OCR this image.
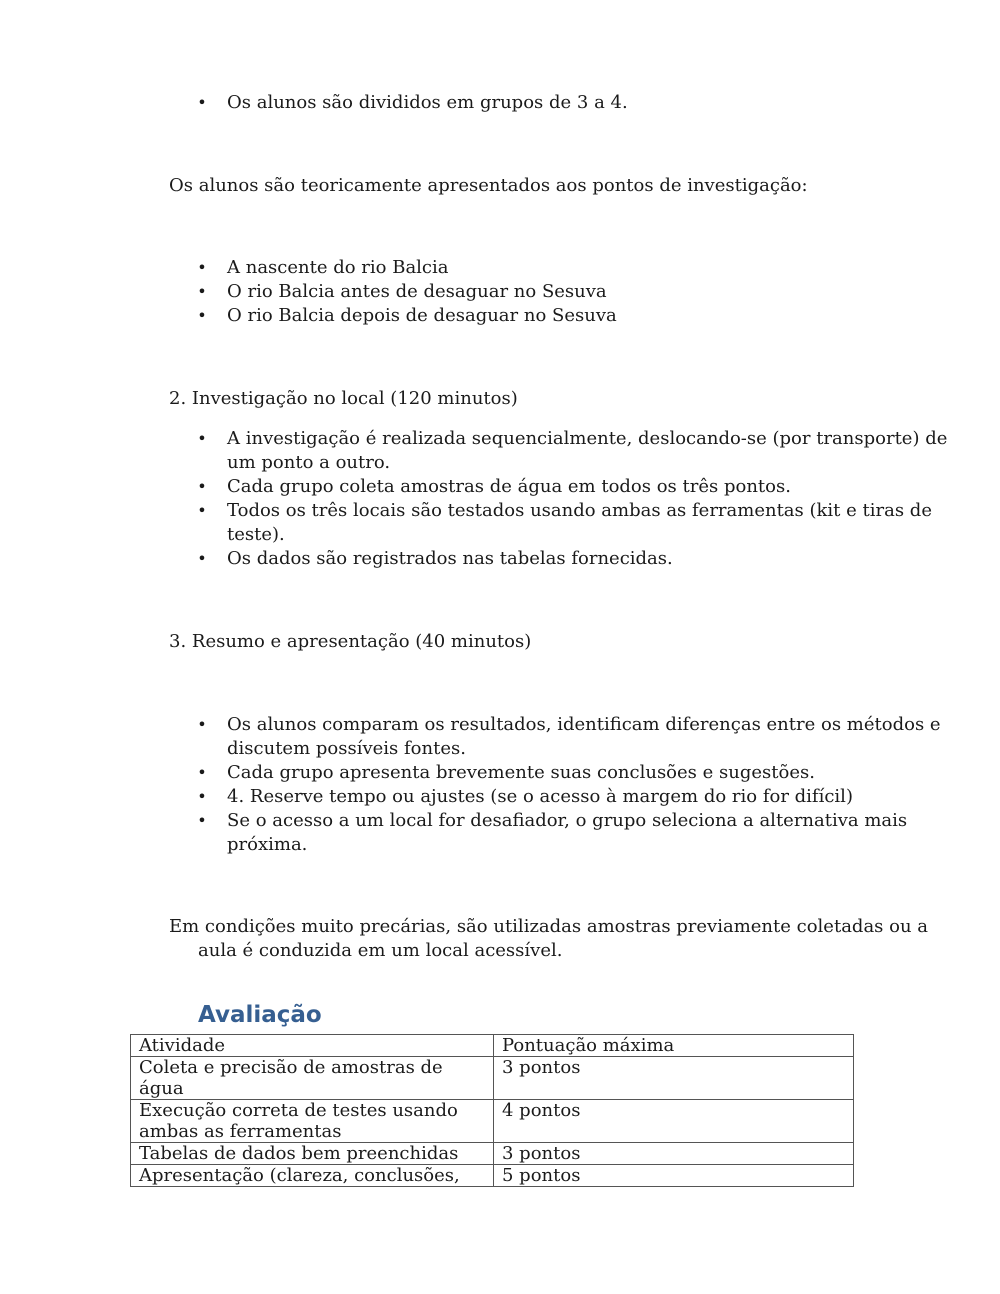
• Os alunos são divididos em grupos de 3 a 4.

Os alunos são teoricamente apresentados aos pontos de investigação:

• A nascente do rio Balcia
• O rio Balcia antes de desaguar no Sesuva
• O rio Balcia depois de desaguar no Sesuva

2. Investigação no local (120 minutos)

• A investigação é realizada sequencialmente, deslocando-se (por transporte) de um ponto a outro.
• Cada grupo coleta amostras de água em todos os três pontos.
• Todos os três locais são testados usando ambas as ferramentas (kit e tiras de teste).
• Os dados são registrados nas tabelas fornecidas.

3. Resumo e apresentação (40 minutos)

• Os alunos comparam os resultados, identificam diferenças entre os métodos e discutem possíveis fontes.
• Cada grupo apresenta brevemente suas conclusões e sugestões.
• 4. Reserve tempo ou ajustes (se o acesso à margem do rio for difícil)
• Se o acesso a um local for desafiador, o grupo seleciona a alternativa mais próxima.

Em condições muito precárias, são utilizadas amostras previamente coletadas ou a

aula é conduzida em um local acessível.

Avaliação
Atividade	Pontuação máxima
Coleta e precisão de amostras de água	3 pontos
Execução correta de testes usando ambas as ferramentas	4 pontos
Tabelas de dados bem preenchidas	3 pontos
Apresentação (clareza, conclusões,	5 pontos
